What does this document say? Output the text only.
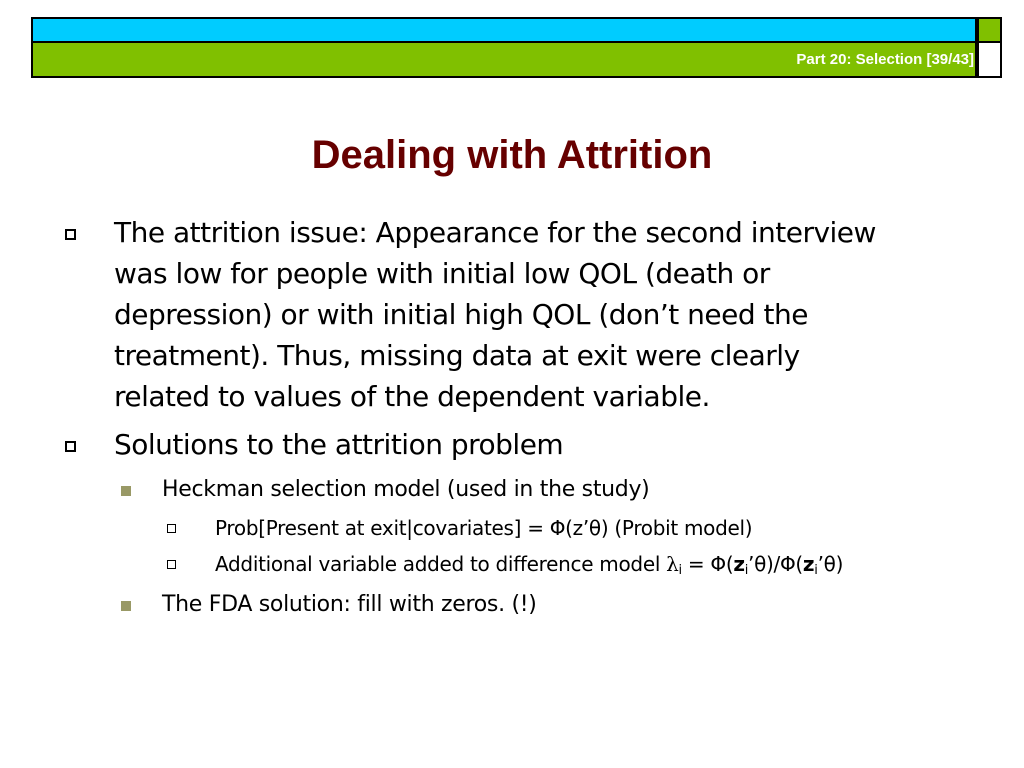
Part 20: Selection [39/43]
Dealing with Attrition
The attrition issue: Appearance for the second interview
was low for people with initial low QOL (death or
depression) or with initial high QOL (don’t need the
treatment). Thus, missing data at exit were clearly
related to values of the dependent variable.
Solutions to the attrition problem
Heckman selection model (used in the study)
Prob[Present at exit|covariates] = Φ(z’θ) (Probit model)
Additional variable added to difference model $\lambda_i$ = $\Phi(z_i’\theta)/\Phi(z_i’\theta)$
The FDA solution: fill with zeros. (!)
